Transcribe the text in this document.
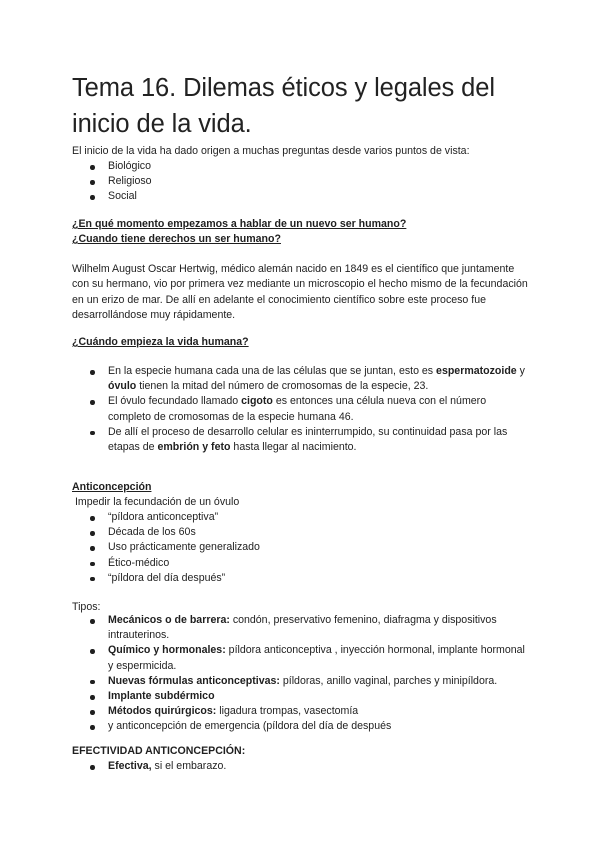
Tema 16. Dilemas éticos y legales del inicio de la vida.

El inicio de la vida ha dado origen a muchas preguntas desde varios puntos de vista:

Biológico
Religioso
Social

¿En qué momento empezamos a hablar de un nuevo ser humano?

¿Cuando tiene derechos un ser humano?

Wilhelm August Oscar Hertwig, médico alemán nacido en 1849 es el científico que juntamente con su hermano, vio por primera vez mediante un microscopio el hecho mismo de la fecundación en un erizo de mar. De allí en adelante el conocimiento científico sobre este proceso fue desarrollándose muy rápidamente.

¿Cuándo empieza la vida humana?

En la especie humana cada una de las células que se juntan, esto es espermatozoide y óvulo tienen la mitad del número de cromosomas de la especie, 23.
El óvulo fecundado llamado cigoto es entonces una célula nueva con el número completo de cromosomas de la especie humana 46.
De allí el proceso de desarrollo celular es ininterrumpido, su continuidad pasa por las etapas de embrión y feto hasta llegar al nacimiento.

Anticoncepción

Impedir la fecundación de un óvulo

“píldora anticonceptiva”
Década de los 60s
Uso prácticamente generalizado
Ético-médico
“píldora del día después”

Tipos:

Mecánicos o de barrera: condón, preservativo femenino, diafragma y dispositivos intrauterinos.
Químico y hormonales: píldora anticonceptiva , inyección hormonal, implante hormonal y espermicida.
Nuevas fórmulas anticonceptivas: píldoras, anillo vaginal, parches y minipíldora.
Implante subdérmico
Métodos quirúrgicos: ligadura trompas, vasectomía
y anticoncepción de emergencia (píldora del día de después

EFECTIVIDAD ANTICONCEPCIÓN:

Efectiva, si el embarazo.
